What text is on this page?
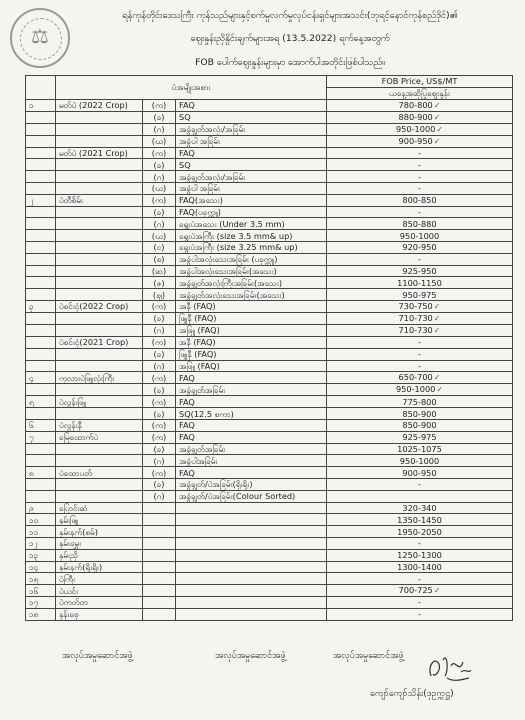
⚖
ရန်ကုန်တိုင်းဒေသကြီး ကုန်သည်များနှင့်စက်မှုလက်မှုလုပ်ငန်းရှင်များအသင်း(ဘုရင့်နောင်ကုန်စည်ဒိုင်)၏
ဈေးနှုန်းညှိနှိုင်းချက်များအရ (13.5.2022) ရက်နေ့အတွက်
FOB ပေါက်ဈေးနှုန်းများမှာ အောက်ပါအတိုင်းဖြစ်ပါသည်။
	ပဲအမျိုးအစား			FOB Price, US$/MT
				ယနေ့အဆိုပြုဈေးနှုန်း
၁	မတ်ပဲ (2022 Crop)	(က)	FAQ	780-800✓
		(ခ)	SQ	880-900✓
		(ဂ)	အခွံချွတ်အလုံး/အခြမ်း	950-1000✓
		(ဃ)	အခွံပါ အခြမ်း	900-950✓
	မတ်ပဲ (2021 Crop)	(က)	FAQ	-
		(ခ)	SQ	-
		(ဂ)	အခွံချွတ်အလုံး/အခြမ်း	-
		(ဃ)	အခွံပါ အခြမ်း	-
၂	ပဲတီစိမ်း	(က)	FAQ(အသေး)	800-850
		(ခ)	FAQ(ပခုက္ကူ)	-
		(ဂ)	ရွေးပဲအသေး (Under 3.5 mm)	850-880
		(ဃ)	ရွေးပဲအကြီး (size 3.5 mm& up)	950-1000
		(င)	ရွေးပဲအကြီး (size 3.25 mm& up)	920-950
		(စ)	အခွံပါအလုံးသေးအခြမ်း (ပခုက္ကူ)	-
		(ဆ)	အခွံပါအလုံးသေးအခြမ်း(အသေး)	925-950
		(ဇ)	အခွံချွတ်အလုံးကြီးအခြမ်း(အသေး)	1100-1150
		(ဈ)	အခွံချွတ်အလုံးသေးအခြမ်း(အသေး)	950-975
၃	ပဲစင်းငုံ(2022 Crop)	(က)	အနီ (FAQ)	730-750✓
		(ခ)	ဖြူနီ (FAQ)	710-730✓
		(ဂ)	အဖြူ (FAQ)	710-730✓
	ပဲစင်းငုံ(2021 Crop)	(က)	အနီ (FAQ)	-
		(ခ)	ဖြူနီ (FAQ)	-
		(ဂ)	အဖြူ (FAQ)	-
၄	ကုလားပဲဖြူလုံးကြီး	(က)	FAQ	650-700✓
		(ခ)	အခွံချွတ်အခြမ်း	950-1000✓
၅	ပဲလွန်းဖြူ	(က)	FAQ	775-800
		(ခ)	SQ(12.5 စကာ)	850-900
၆	ပဲလွန်းနီ	(က)	FAQ	850-900
၇	မြေထောက်ပဲ	(က)	FAQ	925-975
		(ခ)	အခွံချွတ်အခြမ်း	1025-1075
		(ဂ)	အခွံပါအခြမ်း	950-1000
၈	ပဲထောပတ်	(က)	FAQ	900-950
		(ခ)	အခွံချွတ်/ပဲအခြမ်း(ရိုးရိုး)	-
		(ဂ)	အခွံချွတ်/ပဲအခြမ်း(Colour Sorted)	
၉	ပြောင်းဆံ			320-340
၁၀	နှမ်းဖြူ			1350-1450
၁၁	နှမ်းနက်(စမ်)			1950-2050
၁၂	နှမ်းမွှေး			-
၁၃	နှမ်းညို			1250-1300
၁၄	နှမ်းနက်(ရိုးရိုး)			1300-1400
၁၅	ပဲကြီး			-
၁၆	ပဲယင်း			700-725✓
၁၇	ပဲကတ်တ			-
၁၈	နှန်းစေ့			-
အလုပ်အမှုဆောင်အဖွဲ့	အလုပ်အမှုဆောင်အဖွဲ့	အလုပ်အမှုဆောင်အဖွဲ့
ကျော်ကျော်သိန်း(ဒုဥက္ကဋ္ဌ)
